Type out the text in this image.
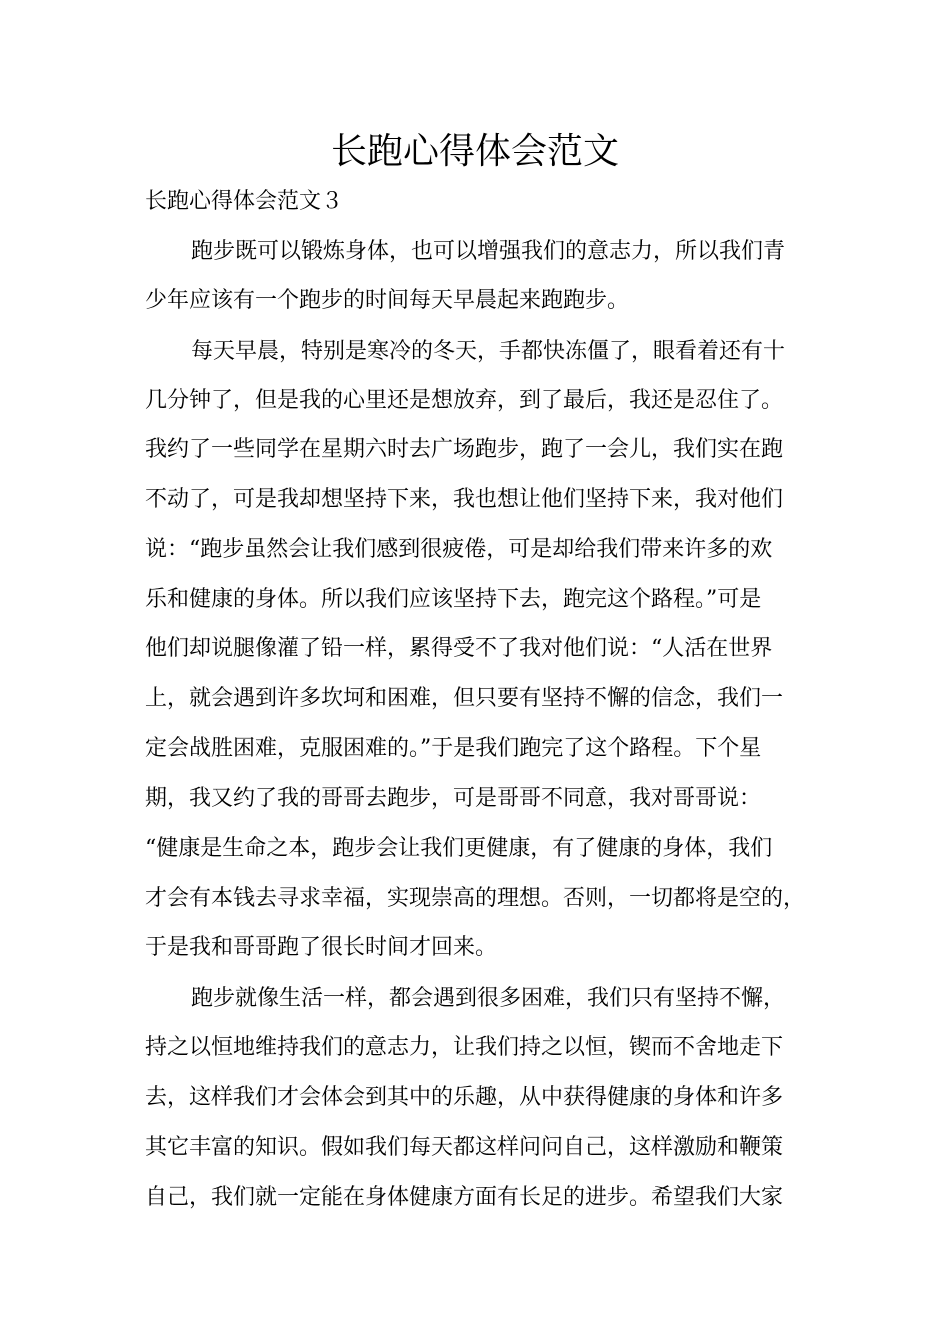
长跑心得体会范文
长跑心得体会范文３
跑步既可以锻炼身体，也可以增强我们的意志力，所以我们青
少年应该有一个跑步的时间每天早晨起来跑跑步。
每天早晨，特别是寒冷的冬天，手都快冻僵了，眼看着还有十
几分钟了，但是我的心里还是想放弃，到了最后，我还是忍住了。
我约了一些同学在星期六时去广场跑步，跑了一会儿，我们实在跑
不动了，可是我却想坚持下来，我也想让他们坚持下来，我对他们
说：“跑步虽然会让我们感到很疲倦，可是却给我们带来许多的欢
乐和健康的身体。所以我们应该坚持下去，跑完这个路程。”可是
他们却说腿像灌了铅一样，累得受不了我对他们说：“人活在世界
上，就会遇到许多坎坷和困难，但只要有坚持不懈的信念，我们一
定会战胜困难，克服困难的。”于是我们跑完了这个路程。下个星
期，我又约了我的哥哥去跑步，可是哥哥不同意，我对哥哥说：
“健康是生命之本，跑步会让我们更健康，有了健康的身体，我们
才会有本钱去寻求幸福，实现崇高的理想。否则，一切都将是空的，
于是我和哥哥跑了很长时间才回来。
跑步就像生活一样，都会遇到很多困难，我们只有坚持不懈，
持之以恒地维持我们的意志力，让我们持之以恒，锲而不舍地走下
去，这样我们才会体会到其中的乐趣，从中获得健康的身体和许多
其它丰富的知识。假如我们每天都这样问问自己，这样激励和鞭策
自己，我们就一定能在身体健康方面有长足的进步。希望我们大家
